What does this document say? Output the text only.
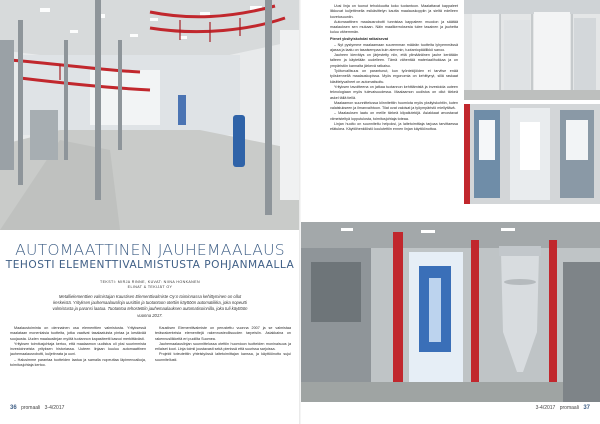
AUTOMAATTINEN JAUHEMAALAUS
TEHOSTI ELEMENTTIVALMISTUSTA POHJANMAALLA
TEKSTI: MIRJA RINNE, KUVAT: NIINA HONKANEN
ELINAT & TEKIJÄT OY
Metallielementtien valmistajan Kaustisen Elementtivalmiste Oy:n toiminnassa kehittyminen on ollut keskeistä. Yrityksen jauhemaalauslinja uusittiin ja tuotantoon otettiin käyttöön automatiikka, joka nopeutti valmistusta ja paransi laatua. Tuotantoa tehostettiin jauhemaalauksen automatisoinnilla, joka tuli käyttöön vuonna 2017.

Maalaustoiminta on olennainen osa elementtien valmistusta. Yrityksessä maalataan monenlaisia tuotteita, jotka vaativat tasalaatuista pintaa ja kestävää suojausta. Uuden maalauslinjan myötä tuotannon kapasiteetti kasvoi merkittävästi.

Yrityksen toimitusjohtaja kertoo, että maalaamon uudistus oli yksi suurimmista investoinneista yrityksen historiassa. Uuteen linjaan kuuluu automaattinen jauhemaalausrobotti, kuljetinrata ja uuni.

– Halusimme parantaa tuotteiden laatua ja samalla nopeuttaa läpimenoaikoja, toimitusjohtaja kertoo.

Kaustisen Elementtivalmiste on perustettu vuonna 2007 ja se valmistaa teräsrakenteisia elementtejä rakennusteollisuuden tarpeisiin. Asiakkaina on rakennusliikkeitä eri puolilta Suomea.

Jauhemaalauslinjan suunnittelussa otettiin huomioon tuotteiden moninaisuus ja erilaiset koot. Linja toimii joustavasti sekä pienissä että suurissa sarjoissa.

Projekti toteutettiin yhteistyössä laitetoimittajan kanssa, ja käyttöönotto sujui suunnitellusti.

36 promaali 3-4/2017

Uusi linja on tuonut tehokkuutta koko tuotantoon. Maalattavat kappaleet liikkuvat kuljettimella esikäsittelyn kautta maalauskoppiin ja sieltä edelleen kovetusuuniin.

Automaattinen maalausrobotti tunnistaa kappaleen muodon ja säätää maalauksen sen mukaan. Näin maalikerroksesta tulee tasainen ja jauhetta kuluu vähemmän.

Pienet yksityiskohdat ratkaisevat

– Nyt pystymme maalaamaan suuremman määrän tuotteita lyhyemmässä ajassa ja laatu on tasaisempaa kuin aiemmin, tuotantopäällikkö sanoo.

Jauheen kierrätys on järjestetty niin, että ylimääräinen jauhe kerätään talteen ja käytetään uudelleen. Tämä vähentää materiaalihukkaa ja on ympäristön kannalta järkevä ratkaisu.

Työturvallisuus on parantunut, kun työntekijöiden ei tarvitse enää työskennellä maalauskopissa. Myös ergonomia on kehittynyt, sillä raskaat käsittelyvaiheet on automatisoitu.

Yrityksen tavoitteena on jatkaa tuotannon kehittämistä ja investoida uuteen teknologiaan myös tulevaisuudessa. Maalaamon uudistus on ollut tärkeä askel tällä tiellä.

Maalaamon suunnittelussa kiinnitettiin huomiota myös yksityiskohtiin, kuten valaistukseen ja ilmanvaihtoon. Tilat ovat valoisat ja työympäristö miellyttävä.

– Maalauksen laatu on meille tärkeä kilpailutekijä. Asiakkaat arvostavat viimeisteltyä lopputulosta, toimitusjohtaja toteaa.

Linjan huolto on suunniteltu helpoksi, ja laitetoimittaja tarjoaa tarvittaessa etätukea. Käyttöhenkilöstö koulutettiin ennen linjan käyttöönottoa.

3-4/2017 promaali 37
